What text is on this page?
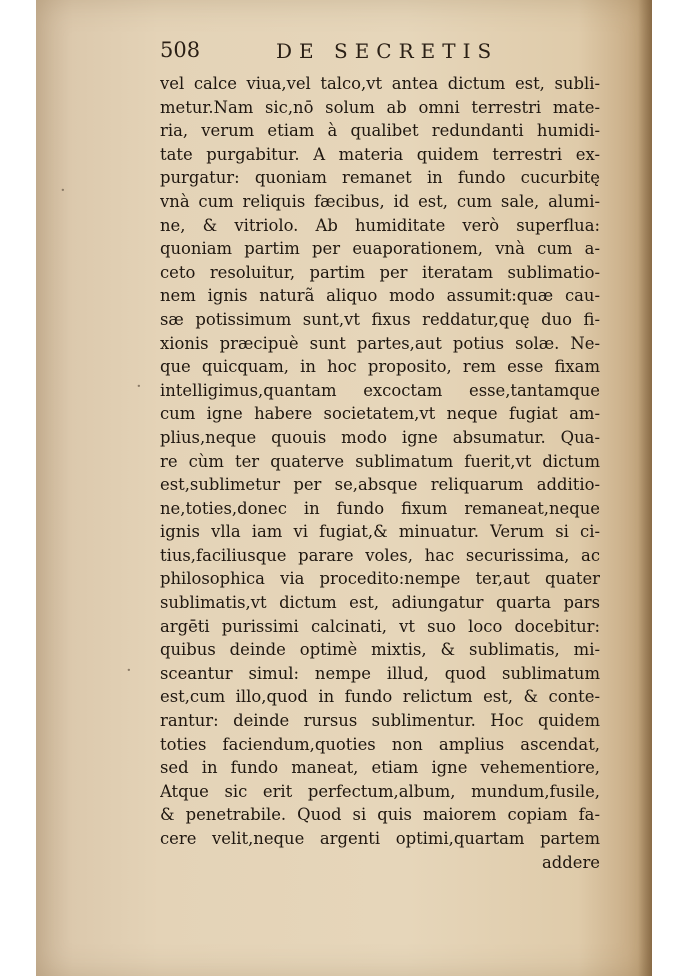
508	DE SECRETIS
vel calce viua,vel talco,vt antea dictum est, subli-
metur.Nam sic,nō solum ab omni terrestri mate-
ria, verum etiam à qualibet redundanti humidi-
tate purgabitur. A materia quidem terrestri ex-
purgatur: quoniam remanet in fundo cucurbitę
vnà cum reliquis fæcibus, id est, cum sale, alumi-
ne, & vitriolo. Ab humiditate verò superflua:
quoniam partim per euaporationem, vnà cum a-
ceto resoluitur, partim per iteratam sublimatio-
nem ignis naturã aliquo modo assumit:quæ cau-
sæ potissimum sunt,vt fixus reddatur,quę duo fi-
xionis præcipuè sunt partes,aut potius solæ. Ne-
que quicquam, in hoc proposito, rem esse fixam
intelligimus,quantam excoctam esse,tantamque
cum igne habere societatem,vt neque fugiat am-
plius,neque quouis modo igne absumatur. Qua-
re cùm ter quaterve sublimatum fuerit,vt dictum
est,sublimetur per se,absque reliquarum additio-
ne,toties,donec in fundo fixum remaneat,neque
ignis vlla iam vi fugiat,& minuatur. Verum si ci-
tius,faciliusque parare voles, hac securissima, ac
philosophica via procedito:nempe ter,aut quater
sublimatis,vt dictum est, adiungatur quarta pars
argēti purissimi calcinati, vt suo loco docebitur:
quibus deinde optimè mixtis, & sublimatis, mi-
sceantur simul: nempe illud, quod sublimatum
est,cum illo,quod in fundo relictum est, & conte-
rantur: deinde rursus sublimentur. Hoc quidem
toties faciendum,quoties non amplius ascendat,
sed in fundo maneat, etiam igne vehementiore,
Atque sic erit perfectum,album, mundum,fusile,
& penetrabile. Quod si quis maiorem copiam fa-
cere velit,neque argenti optimi,quartam partem
addere
·
·
·
